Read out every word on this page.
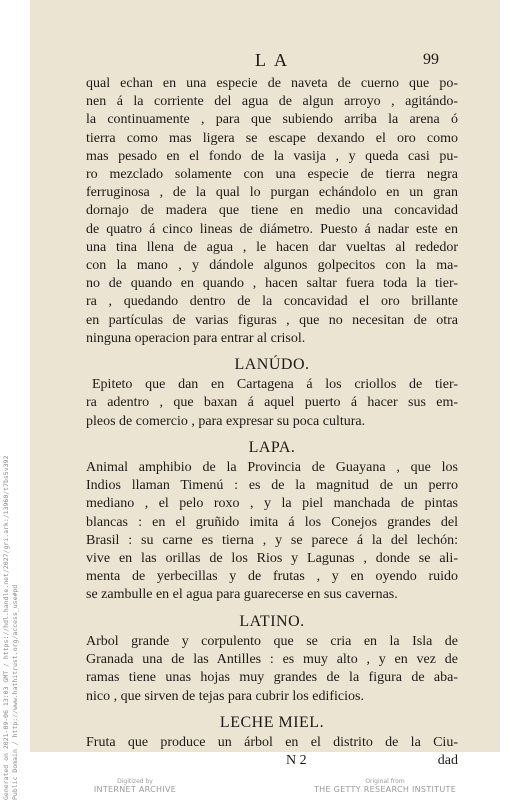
LA	99
qual echan en una especie de naveta de cuerno que po-
nen á la corriente del agua de algun arroyo , agitándo-
la continuamente , para que subiendo arriba la arena ó
tierra como mas ligera se escape dexando el oro como
mas pesado en el fondo de la vasija , y queda casi pu-
ro mezclado solamente con una especie de tierra negra
ferruginosa , de la qual lo purgan echándolo en un gran
dornajo de madera que tiene en medio una concavidad
de quatro á cinco lineas de diámetro. Puesto á nadar este en
una tina llena de agua , le hacen dar vueltas al rededor
con la mano , y dándole algunos golpecitos con la ma-
no de quando en quando , hacen saltar fuera toda la tier-
ra , quedando dentro de la concavidad el oro brillante
en partículas de varias figuras , que no necesitan de otra
ninguna operacion para entrar al crisol.
LANÚDO.
Epiteto que dan en Cartagena á los criollos de tier-
ra adentro , que baxan á aquel puerto á hacer sus em-
pleos de comercio , para expresar su poca cultura.
LAPA.
Animal amphibio de la Provincia de Guayana , que los
Indios llaman Timenú : es de la magnitud de un perro
mediano , el pelo roxo , y la piel manchada de pintas
blancas : en el gruñido imita á los Conejos grandes del
Brasil : su carne es tierna , y se parece á la del lechón:
vive en las orillas de los Rios y Lagunas , donde se ali-
menta de yerbecillas y de frutas , y en oyendo ruido
se zambulle en el agua para guarecerse en sus cavernas.
LATINO.
Arbol grande y corpulento que se cria en la Isla de
Granada una de las Antilles : es muy alto , y en vez de
ramas tiene unas hojas muy grandes de la figura de aba-
nico , que sirven de tejas para cubrir los edificios.
LECHE MIEL.
Fruta que produce un árbol en el distrito de la Ciu-
N 2	dad
Digitized by
INTERNET ARCHIVE
Original from
THE GETTY RESEARCH INSTITUTE
Generated on 2021-09-06 13:03 GMT / https://hdl.handle.net/2027/gri.ark:/13960/t7bs5v392 Public Domain / http://www.hathitrust.org/access_use#pd
